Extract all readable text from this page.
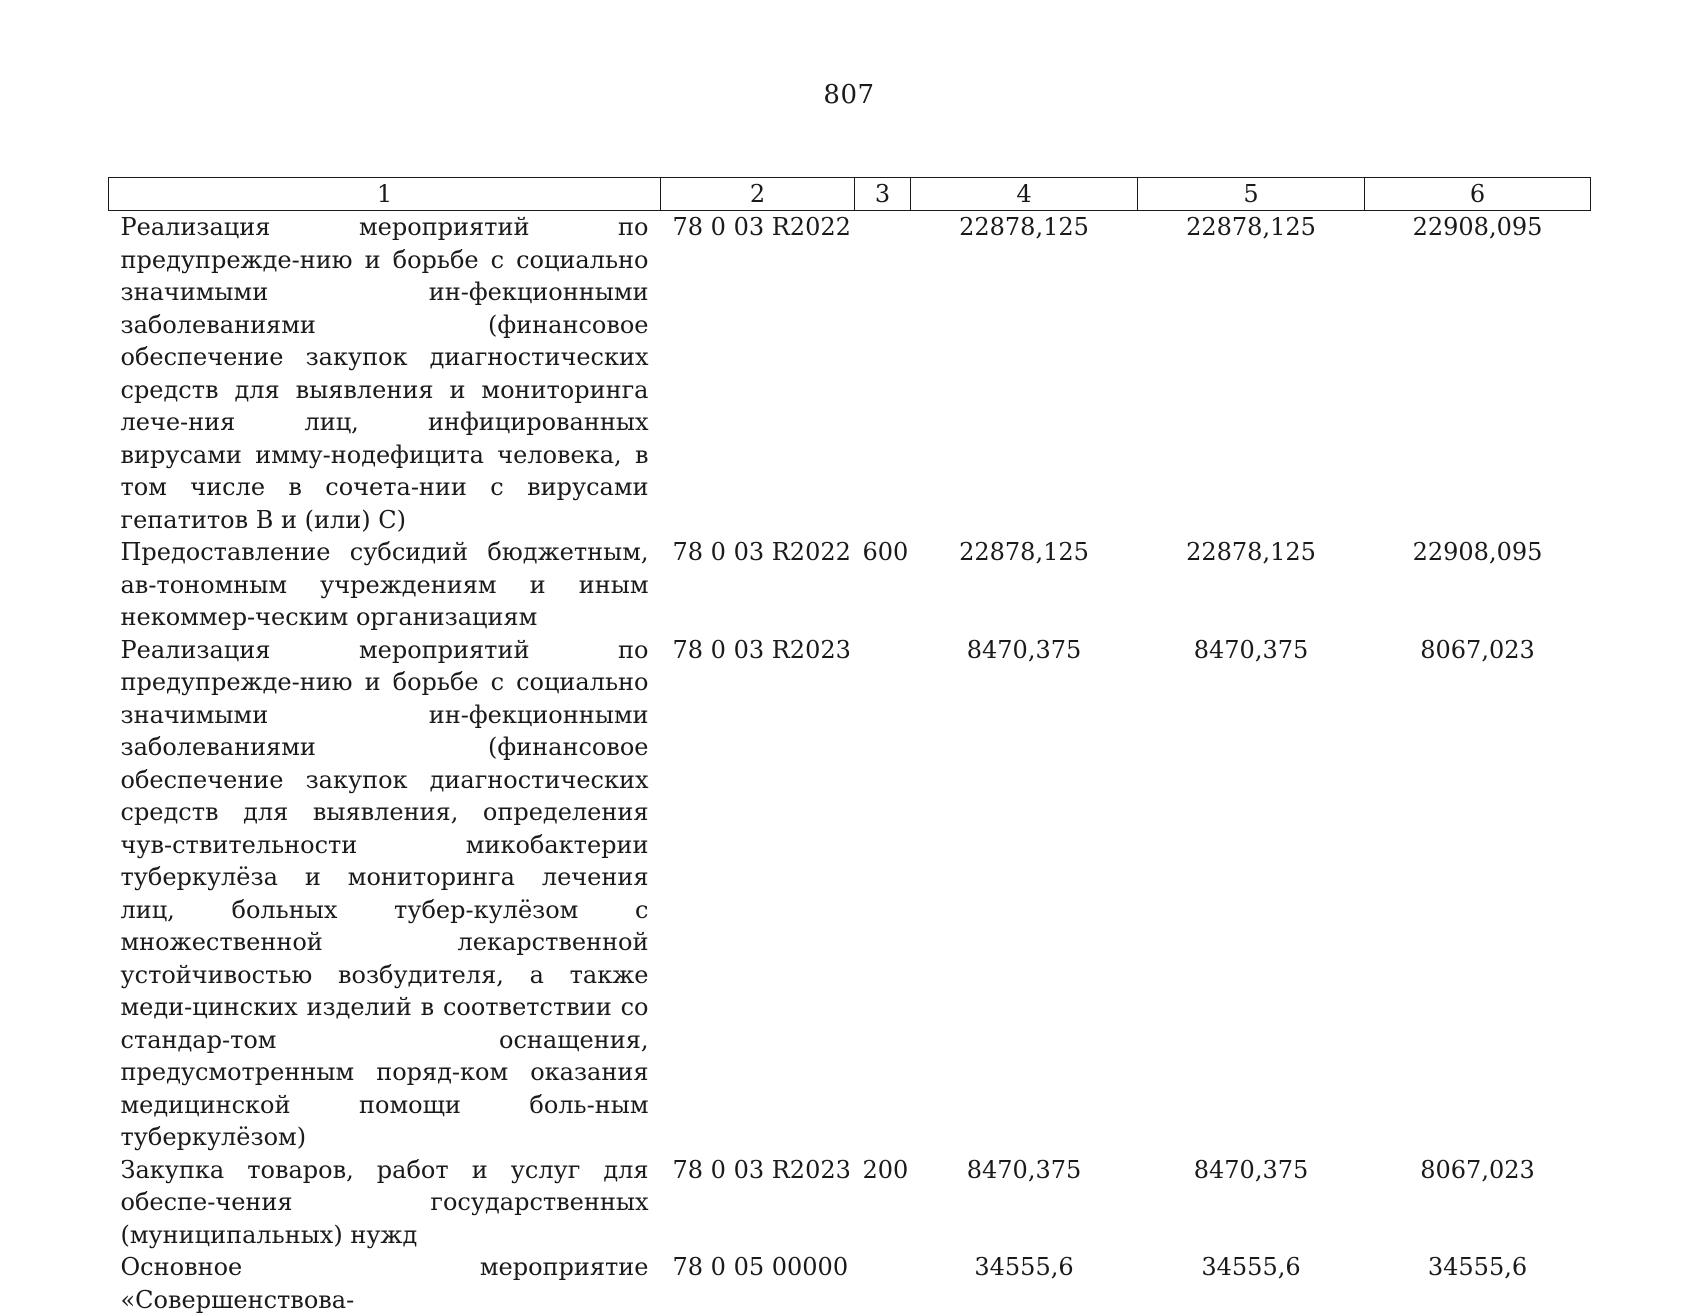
807
1	2	3	4	5	6
Реализация мероприятий по предупрежде-нию и борьбе с социально значимыми ин-фекционными заболеваниями (финансовое обеспечение закупок диагностических средств для выявления и мониторинга лече-ния лиц, инфицированных вирусами имму-нодефицита человека, в том числе в сочета-нии с вирусами гепатитов В и (или) С)	78 0 03 R2022		22878,125	22878,125	22908,095
Предоставление субсидий бюджетным, ав-тономным учреждениям и иным некоммер-ческим организациям	78 0 03 R2022	600	22878,125	22878,125	22908,095
Реализация мероприятий по предупрежде-нию и борьбе с социально значимыми ин-фекционными заболеваниями (финансовое обеспечение закупок диагностических средств для выявления, определения чув-ствительности микобактерии туберкулёза и мониторинга лечения лиц, больных тубер-кулёзом с множественной лекарственной устойчивостью возбудителя, а также меди-цинских изделий в соответствии со стандар-том оснащения, предусмотренным поряд-ком оказания медицинской помощи боль-ным туберкулёзом)	78 0 03 R2023		8470,375	8470,375	8067,023
Закупка товаров, работ и услуг для обеспе-чения государственных (муниципальных) нужд	78 0 03 R2023	200	8470,375	8470,375	8067,023
Основное мероприятие «Совершенствова-	78 0 05 00000		34555,6	34555,6	34555,6
